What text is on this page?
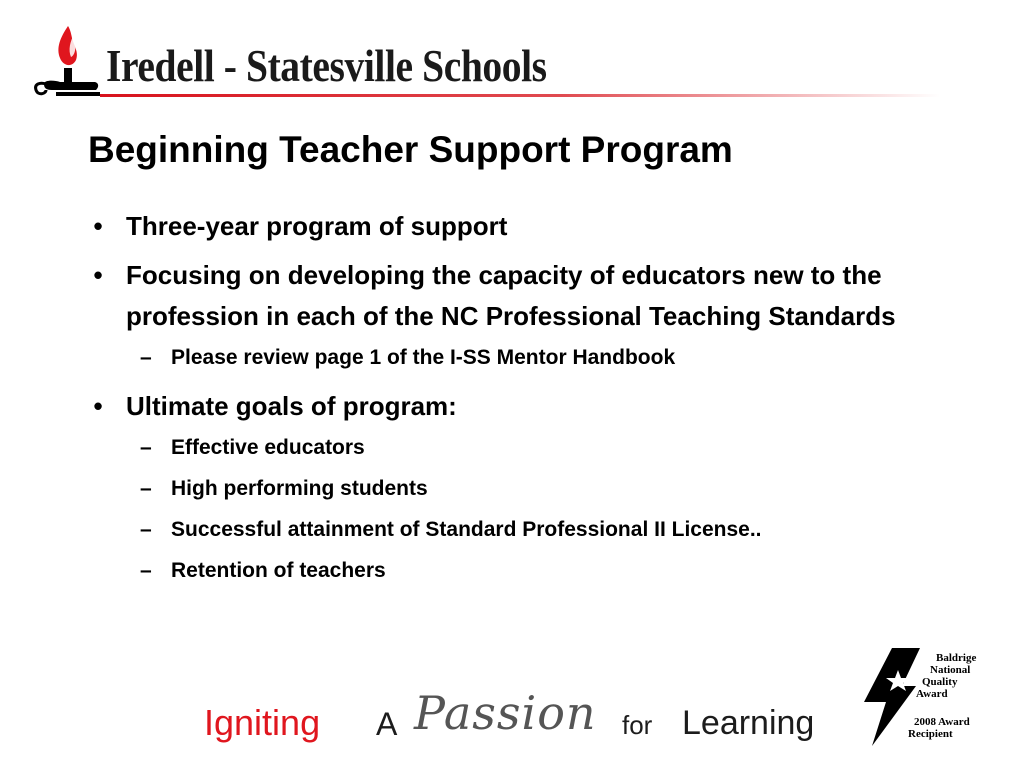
Iredell - Statesville Schools
Beginning Teacher Support Program
• Three-year program of support
• Focusing on developing the capacity of educators new to the profession in each of the NC Professional Teaching Standards
– Please review page 1 of the I-SS Mentor Handbook
• Ultimate goals of program:
– Effective educators
– High performing students
– Successful attainment of Standard Professional II License..
– Retention of teachers
Igniting A Passion for Learning
Baldrige
National
Quality
Award
2008 Award
Recipient
